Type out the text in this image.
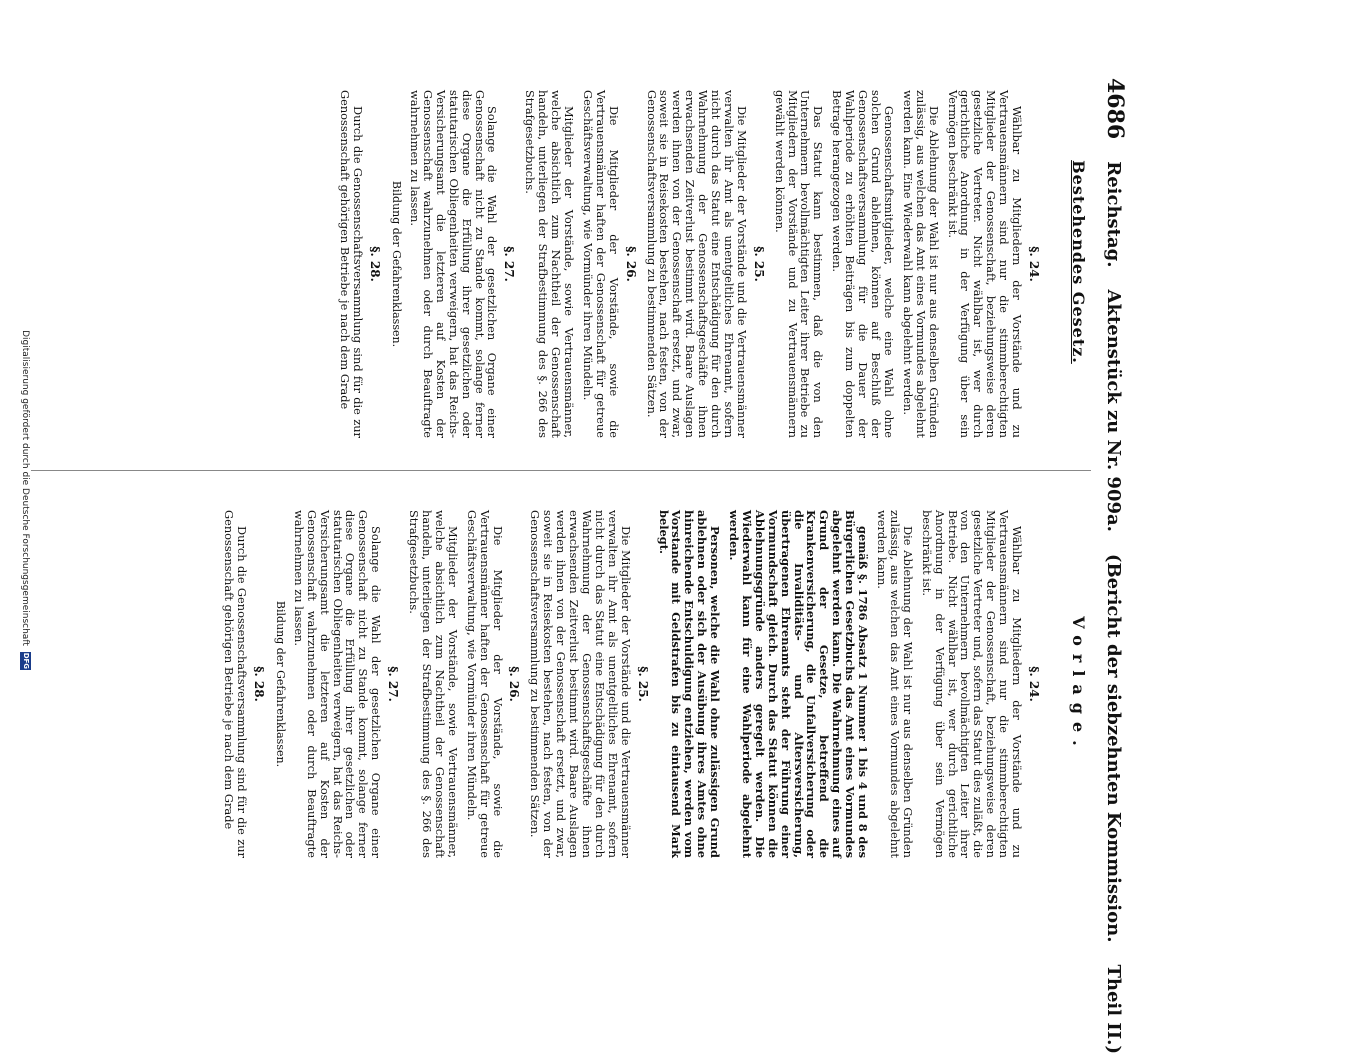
4686
Reichstag.
Aktenstück zu Nr. 909a.
(Bericht der siebzehnten Kommission.
Theil II.)
Bestehendes Gesetz.
Vorlage.
§. 24.

Wählbar zu Mitgliedern der Vorstände und zu Vertrauensmännern sind nur die stimmberechtigten Mitglieder der Genossenschaft, beziehungsweise deren gesetzliche Vertreter. Nicht wählbar ist, wer durch gerichtliche Anordnung in der Verfügung über sein Vermögen beschränkt ist.

Die Ablehnung der Wahl ist nur aus denselben Gründen zulässig, aus welchen das Amt eines Vormundes abgelehnt werden kann. Eine Wiederwahl kann abgelehnt werden.

Genossenschaftsmitglieder, welche eine Wahl ohne solchen Grund ablehnen, können auf Beschluß der Genossenschaftsversammlung für die Dauer der Wahlperiode zu erhöhten Beiträgen bis zum doppelten Betrage herangezogen werden.

Das Statut kann bestimmen, daß die von den Unternehmern bevollmächtigten Leiter ihrer Betriebe zu Mitgliedern der Vorstände und zu Vertrauensmännern gewählt werden können.

§. 25.

Die Mitglieder der Vorstände und die Vertrauensmänner verwalten ihr Amt als unentgeltliches Ehrenamt, sofern nicht durch das Statut eine Entschädigung für den durch Wahrnehmung der Genossenschaftsgeschäfte ihnen erwachsenden Zeitverlust bestimmt wird. Baare Auslagen werden ihnen von der Genossenschaft ersetzt, und zwar, soweit sie in Reisekosten bestehen, nach festen, von der Genossenschaftsversammlung zu bestimmenden Sätzen.

§. 26.

Die Mitglieder der Vorstände, sowie die Vertrauensmänner haften der Genossenschaft für getreue Geschäftsverwaltung, wie Vormünder ihren Mündeln.

Mitglieder der Vorstände, sowie Vertrauensmänner, welche absichtlich zum Nachtheil der Genossenschaft handeln, unterliegen der Strafbestimmung des §. 266 des Strafgesetzbuchs.

§. 27.

Solange die Wahl der gesetzlichen Organe einer Genossenschaft nicht zu Stande kommt, solange ferner diese Organe die Erfüllung ihrer gesetzlichen oder statutarischen Obliegenheiten verweigern, hat das Reichs-Versicherungsamt die letzteren auf Kosten der Genossenschaft wahrzunehmen oder durch Beauftragte wahrnehmen zu lassen.

Bildung der Gefahrenklassen.
§. 28.

Durch die Genossenschaftsversammlung sind für die zur Genossenschaft gehörigen Betriebe je nach dem Grade

§. 24.

Wählbar zu Mitgliedern der Vorstände und zu Vertrauensmännern sind nur die stimmberechtigten Mitglieder der Genossenschaft, beziehungsweise deren gesetzliche Vertreter und, sofern das Statut dies zuläßt, die von den Unternehmern bevollmächtigten Leiter ihrer Betriebe. Nicht wählbar ist, wer durch gerichtliche Anordnung in der Verfügung über sein Vermögen beschränkt ist.

Die Ablehnung der Wahl ist nur aus denselben Gründen zulässig, aus welchen das Amt eines Vormundes abgelehnt werden kann.

gemäß §. 1786 Absatz 1 Nummer 1 bis 4 und 8 des Bürgerlichen Gesetzbuchs das Amt eines Vormundes abgelehnt werden kann. Die Wahrnehmung eines auf Grund der Gesetze, betreffend die Krankenversicherung, die Unfallversicherung oder die Invaliditäts- und Altersversicherung, übertragenen Ehrenamts steht der Führung einer Vormundschaft gleich. Durch das Statut können die Ablehnungsgründe anders geregelt werden. Die Wiederwahl kann für eine Wahlperiode abgelehnt werden.

Personen, welche die Wahl ohne zulässigen Grund ablehnen oder sich der Ausübung ihres Amtes ohne hinreichende Entschuldigung entziehen, werden vom Vorstande mit Geldstrafen bis zu eintausend Mark belegt.

§. 25.

Die Mitglieder der Vorstände und die Vertrauensmänner verwalten ihr Amt als unentgeltliches Ehrenamt, sofern nicht durch das Statut eine Entschädigung für den durch Wahrnehmung der Genossenschaftsgeschäfte ihnen erwachsenden Zeitverlust bestimmt wird. Baare Auslagen werden ihnen von der Genossenschaft ersetzt, und zwar, soweit sie in Reisekosten bestehen, nach festen, von der Genossenschaftsversammlung zu bestimmenden Sätzen.

§. 26.

Die Mitglieder der Vorstände, sowie die Vertrauensmänner haften der Genossenschaft für getreue Geschäftsverwaltung, wie Vormünder ihren Mündeln.

Mitglieder der Vorstände, sowie Vertrauensmänner, welche absichtlich zum Nachtheil der Genossenschaft handeln, unterliegen der Strafbestimmung des §. 266 des Strafgesetzbuchs.

§. 27.

Solange die Wahl der gesetzlichen Organe einer Genossenschaft nicht zu Stande kommt, solange ferner diese Organe die Erfüllung ihrer gesetzlichen oder statutarischen Obliegenheiten verweigern, hat das Reichs-Versicherungsamt die letzteren auf Kosten der Genossenschaft wahrzunehmen oder durch Beauftragte wahrnehmen zu lassen.

Bildung der Gefahrenklassen.
§. 28.

Durch die Genossenschaftsversammlung sind für die zur Genossenschaft gehörigen Betriebe je nach dem Grade

Digitalisierung gefördert durch die Deutsche Forschungsgemeinschaft
DFG
